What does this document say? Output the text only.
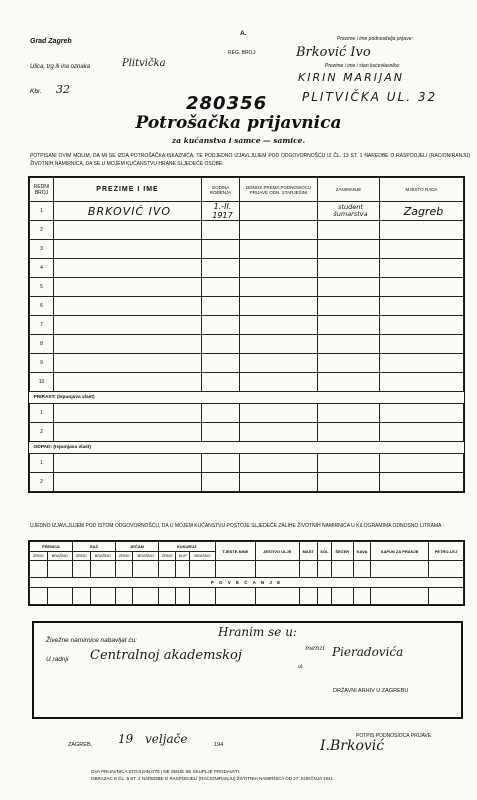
Grad Zagreb
Ulica, trg ili ina oznaka	Plitvička
Kbr. 32
A.
REG. BROJ:
280356
Prezime i ime podnositelja prijave:
Brković Ivo
Prezime i ime i stan kućevlasnika:
KIRIN MARIJAN
PLITVIČKA UL. 32
Potrošačka prijavnica
za kućanstva i samce — samice.
POTPISANI OVIM MOLIM, DA MI SE IZDA POTROŠAČKA ISKAZNICA, TE PODJEDNO IZJAVLJUJEM POD ODGOVORNOŠĆU IZ ČL. 13 ST. 1 NAREDBE O RASPODJELI (RACIONIRANJU) ŽIVOTNIH NAMIRNICA, DA SE U MOJEM KUĆANSTVU HRANE SLJEDEĆE OSOBE:
REDNI BROJ	PREZIME I IME	GODINA ROĐENJA	ODNOS PREMA PODNOSIOCU PRIJAVE ODN. STARJEŠINI	ZANIMANJE	MJESTO RADA
1	BRKOVIĆ IVO	1.-II. 1917		student šumarstva	Zagreb
2					
3					
4					
5					
6					
7					
8					
9					
10					
PRIRAST: (Ispunjava vlast)					
1					
2					
ODPAD: (Ispunjava vlast)					
1					
2					
UJEDNO IZJAVLJUJEM POD ISTOM ODGOVORNOŠĆU, DA U MOJEM KUĆANSTVU POSTOJE SLJEDEĆE ZALIHE ŽIVOTNIH NAMIRNICA U KILOGRAMIMA ODNOSNO LITRAMA :
PŠENICA		RAŽ		JEČAM		KUKURUZ			TJESTE-NINE	JESTIVO ULJE	MAST	SOL	ŠEĆER	KAVA	SAPUN ZA PRANJE	PETRO-LEJ
ZRNO	BRAŠNO	ZRNO	BRAŠNO	ZRNO	BRAŠNO	ZRNO	KLIP	BRAŠNO								

P O V E Ć A N J E																

Živežne namirnice nabavljat ću:
U radnji
Hranim se u:
Centralnoj akademskoj	menzi
ul.
Pieradovića
DRŽAVNI ARHIV U ZAGREBU
ZAGREB, 19 veljače	194
POTPIS PODNOSIOCA PRIJAVE:
I.Brković
OVA PRIJAVNICA STOJI DIN 0'75 I NE SMIJE SE SKUPLJE PRODAVATI.
OBRAZAC K ČL. 5 ST. 2 NAREDBE O RASPODJELI (RACIONIRANJU) ŽIVOTNIH NAMIRNICA OD 27. SIJEČNJA 1941.
